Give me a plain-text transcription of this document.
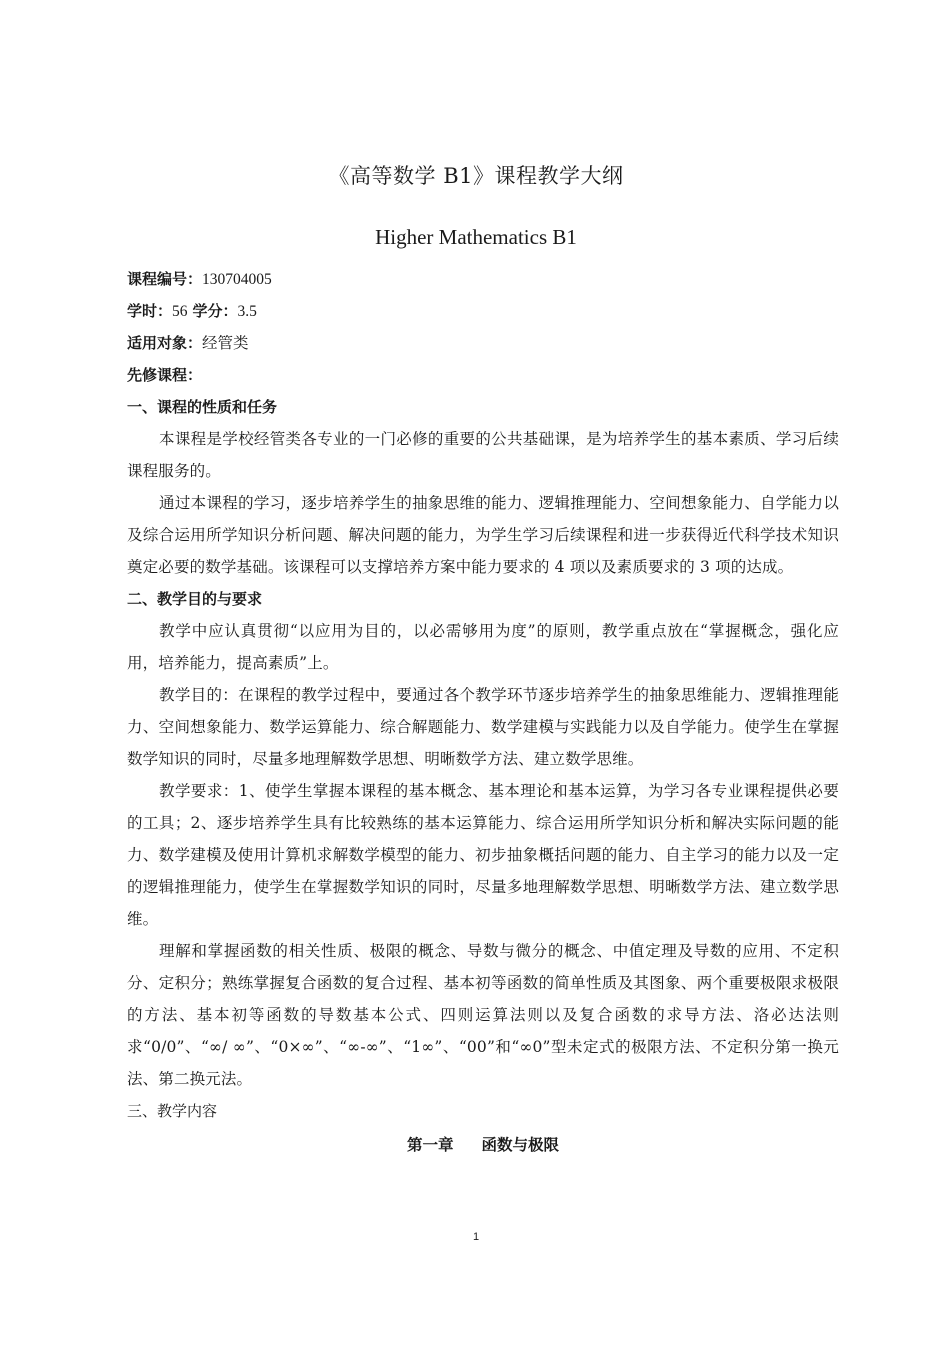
《高等数学 B1》课程教学大纲
Higher Mathematics B1
课程编号：130704005
学时：56 学分：3.5
适用对象：经管类
先修课程：
一、课程的性质和任务
本课程是学校经管类各专业的一门必修的重要的公共基础课，是为培养学生的基本素质、学习后续课程服务的。
通过本课程的学习，逐步培养学生的抽象思维的能力、逻辑推理能力、空间想象能力、自学能力以及综合运用所学知识分析问题、解决问题的能力，为学生学习后续课程和进一步获得近代科学技术知识奠定必要的数学基础。该课程可以支撑培养方案中能力要求的 4 项以及素质要求的 3 项的达成。
二、教学目的与要求
教学中应认真贯彻“以应用为目的，以必需够用为度”的原则，教学重点放在“掌握概念，强化应用，培养能力，提高素质”上。
教学目的：在课程的教学过程中，要通过各个教学环节逐步培养学生的抽象思维能力、逻辑推理能力、空间想象能力、数学运算能力、综合解题能力、数学建模与实践能力以及自学能力。使学生在掌握数学知识的同时，尽量多地理解数学思想、明晰数学方法、建立数学思维。
教学要求：1、使学生掌握本课程的基本概念、基本理论和基本运算，为学习各专业课程提供必要的工具；2、逐步培养学生具有比较熟练的基本运算能力、综合运用所学知识分析和解决实际问题的能力、数学建模及使用计算机求解数学模型的能力、初步抽象概括问题的能力、自主学习的能力以及一定的逻辑推理能力，使学生在掌握数学知识的同时，尽量多地理解数学思想、明晰数学方法、建立数学思维。
理解和掌握函数的相关性质、极限的概念、导数与微分的概念、中值定理及导数的应用、不定积分、定积分；熟练掌握复合函数的复合过程、基本初等函数的简单性质及其图象、两个重要极限求极限的方法、基本初等函数的导数基本公式、四则运算法则以及复合函数的求导方法、洛必达法则求“0/0”、“∞/ ∞”、“0×∞”、“∞-∞”、“1∞”、“00”和“∞0”型未定式的极限方法、不定积分第一换元法、第二换元法。
三、教学内容
第一章 函数与极限
1
